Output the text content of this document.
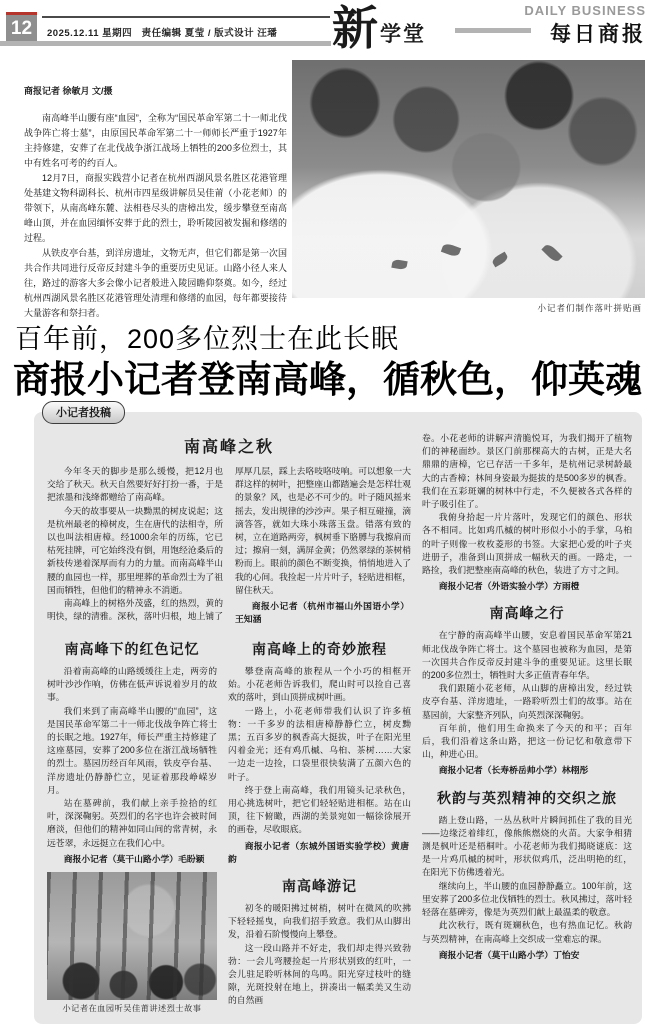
12	2025.12.11 星期四 责任编辑 夏莹 / 版式设计 汪璠 新 学堂
DAILY BUSINESS
每日商报
商报记者 徐敏月 文/摄

南高峰半山腰有座“血园”，全称为“国民革命军第二十一师北伐战争阵亡将士墓”，由原国民革命军第二十一师师长严重于1927年主持修建，安葬了在北伐战争浙江战场上牺牲的200多位烈士，其中有姓名可考的约百人。

12月7日，商报实践营小记者在杭州西湖风景名胜区花港管理处基建文物科副科长、杭州市四星级讲解员吴佳莆（小花老师）的带领下，从南高峰东麓、法相巷尽头的唐樟出发，缓步攀登至南高峰山顶，并在血园缅怀安葬于此的烈士，聆听陵园被发掘和修缮的过程。

从铁皮亭台基，到洋房遗址，文物无声，但它们都是第一次国共合作共同进行反帝反封建斗争的重要历史见证。山路小径人来人往，路过的游客大多会像小记者般进入陵园瞻仰祭奠。如今，经过杭州西湖风景名胜区花港管理处清理和修缮的血园，每年都要接待大量游客和祭扫者。	小记者们制作落叶拼贴画
百年前，200多位烈士在此长眠
商报小记者登南高峰，循秋色，仰英魂
小记者投稿
南高峰之秋

今年冬天的脚步是那么缓慢，把12月也交给了秋天。秋天自然要好好打扮一番，于是把浓墨和浅绛都赠给了南高峰。

今天的故事要从一块黝黑的树皮说起；这是杭州最老的樟树皮，生在唐代的法相寺，所以也叫法相唐樟。经1000余年的历练，它已枯死挂牌，可它始终没有倒，用饱经沧桑后的新枝传递着深厚而有力的力量。而南高峰半山腰的血园也一样，那里埋葬的革命烈士为了祖国而牺牲，但他们的精神永不消逝。

南高峰上的树格外茂盛，红的热烈，黄的明快，绿的清雅。深秋，落叶归根，地上铺了厚厚几层，踩上去咯吱咯吱响。可以想象一大群这样的树叶，把整座山都踏遍会是怎样壮观的景象？风，也是必不可少的。叶子随风摇来摇去，发出规律的沙沙声。果子相互碰撞，滴滴答答，就如大珠小珠落玉盘。错落有致的树，立在道路两旁，枫树垂下胳膊与我擦肩而过；擦肩一刻，满屏金黄；仍然翠绿的茶树梢粉而上。眼前的颜色不断变换，悄悄地进入了我的心间。我捡起一片片叶子，轻贴进相框，留住秋天。

商报小记者（杭州市福山外国语小学）王知涵

南高峰下的红色记忆

沿着南高峰的山路缓缓往上走，两旁的树叶沙沙作响，仿佛在低声诉说着岁月的故事。

我们来到了南高峰半山腰的“血园”，这是国民革命军第二十一师北伐战争阵亡将士的长眠之地。1927年，师长严重主持修建了这座墓园，安葬了200多位在浙江战场牺牲的烈士。墓园历经百年风雨，铁皮亭台基、洋房遗址仍静静伫立，见证着那段峥嵘岁月。

站在墓碑前，我们献上亲手捡拾的红叶，深深鞠躬。英烈们的名字也许会被时间磨淡，但他们的精神如同山间的常青树，永远苍翠，永远挺立在我们心中。

商报小记者（莫干山路小学）毛盼颖

小记者在血园听吴佳莆讲述烈士故事
南高峰上的奇妙旅程

攀登南高峰的旅程从一个小巧的相框开始。小花老师告诉我们，爬山时可以捡自己喜欢的落叶，到山顶拼成树叶画。

一路上，小花老师带我们认识了许多植物：一千多岁的法相唐樟静静伫立，树皮黝黑；五百多岁的枫香高大挺拔，叶子在阳光里闪着金光；还有鸡爪槭、乌桕、茶树……大家一边走一边捡，口袋里很快装满了五颜六色的叶子。

终于登上南高峰，我们用镜头记录秋色，用心挑选树叶，把它们轻轻贴进相框。站在山顶，往下俯瞰，西湖的美景宛如一幅徐徐展开的画卷，尽收眼底。

商报小记者（东城外国语实验学校）黄唐韵

南高峰游记

初冬的暖阳拂过树梢，树叶在微风的吹拂下轻轻摇曳，向我们招手致意。我们从山脚出发，沿着石阶慢慢向上攀登。

这一段山路并不好走，我们却走得兴致勃勃：一会儿弯腰捡起一片形状别致的红叶，一会儿驻足聆听林间的鸟鸣。阳光穿过枝叶的缝隙，光斑投射在地上，拼凑出一幅柔美又生动的自然画

卷。小花老师的讲解声清脆悦耳，为我们揭开了植物们的神秘面纱。景区门前那棵高大的古树，正是大名鼎鼎的唐樟，它已存活一千多年，是杭州记录树龄最大的古香樟；林间身姿最为挺拔的是500多岁的枫香。我们在五彩斑斓的树林中行走，不久便被各式各样的叶子吸引住了。

我俯身拾起一片片落叶，发现它们的颜色、形状各不相同。比如鸡爪槭的树叶形似小小的手掌，乌桕的叶子则像一枚枚菱形的书签。大家把心爱的叶子夹进册子，准备到山顶拼成一幅秋天的画。一路走，一路捡，我们把整座南高峰的秋色，装进了方寸之间。

商报小记者（外语实验小学）方雨橙

南高峰之行

在宁静的南高峰半山腰，安息着国民革命军第21师北伐战争阵亡将士。这个墓园也被称为血园，是第一次国共合作反帝反封建斗争的重要见证。这里长眠的200多位烈士，牺牲时大多正值青春年华。

我们跟随小花老师，从山脚的唐樟出发，经过铁皮亭台基、洋房遗址，一路聆听烈士们的故事。站在墓园前，大家整齐列队，向英烈深深鞠躬。

百年前，他们用生命换来了今天的和平；百年后，我们沿着这条山路，把这一份记忆和敬意带下山，种进心田。

商报小记者（长寿桥岳帅小学）林栩彤

秋韵与英烈精神的交织之旅

踏上登山路，一丛丛秋叶片瞬间抓住了我的目光——边缘泛着绯红，像熊熊燃烧的火苗。大家争相猜测是枫叶还是梧桐叶。小花老师为我们揭晓谜底：这是一片鸡爪槭的树叶，形状似鸡爪，泛出明艳的红，在阳光下仿佛透着光。

继续向上，半山腰的血园静静矗立。100年前，这里安葬了200多位北伐牺牲的烈士。秋风拂过，落叶轻轻落在墓碑旁，像是为英烈们献上最温柔的敬意。

此次秋行，既有斑斓秋色，也有热血记忆。秋韵与英烈精神，在南高峰上交织成一堂难忘的课。

商报小记者（莫干山路小学）丁怡安
